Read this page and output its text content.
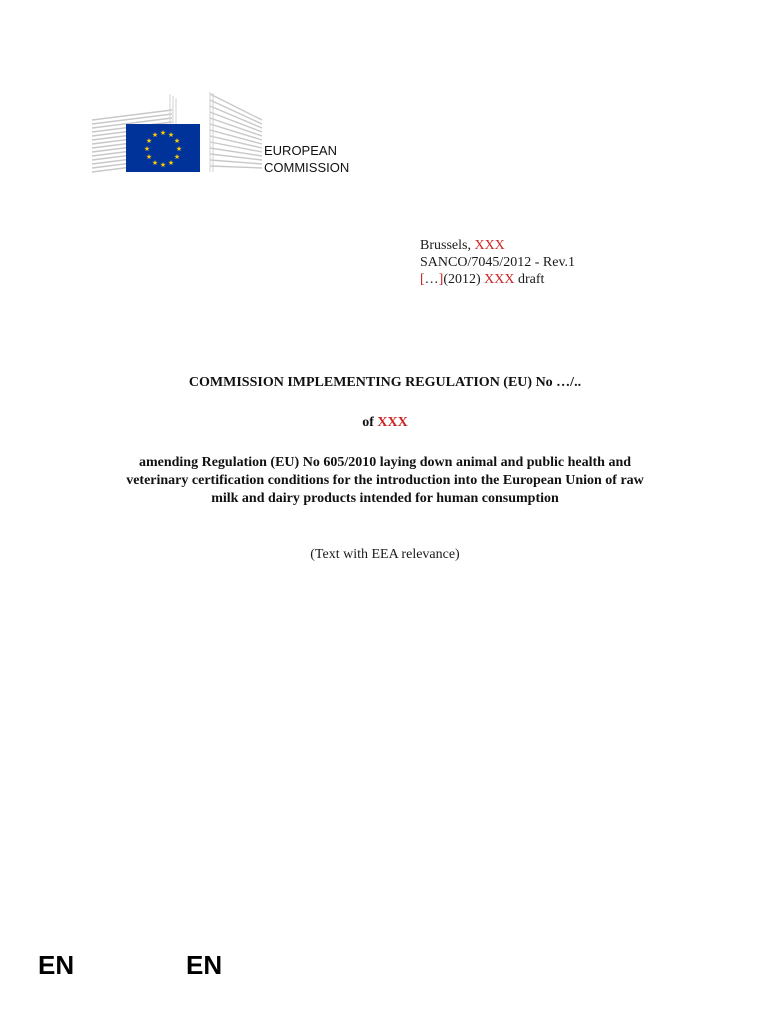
★ ★
★
★
★
★
★
★
★
★
★
★
EUROPEAN
COMMISSION
Brussels, XXX
SANCO/7045/2012 - Rev.1
[…](2012) XXX draft
COMMISSION IMPLEMENTING REGULATION (EU) No …/..
of XXX
amending Regulation (EU) No 605/2010 laying down animal and public health and
veterinary certification conditions for the introduction into the European Union of raw
milk and dairy products intended for human consumption
(Text with EEA relevance)
EN	EN
